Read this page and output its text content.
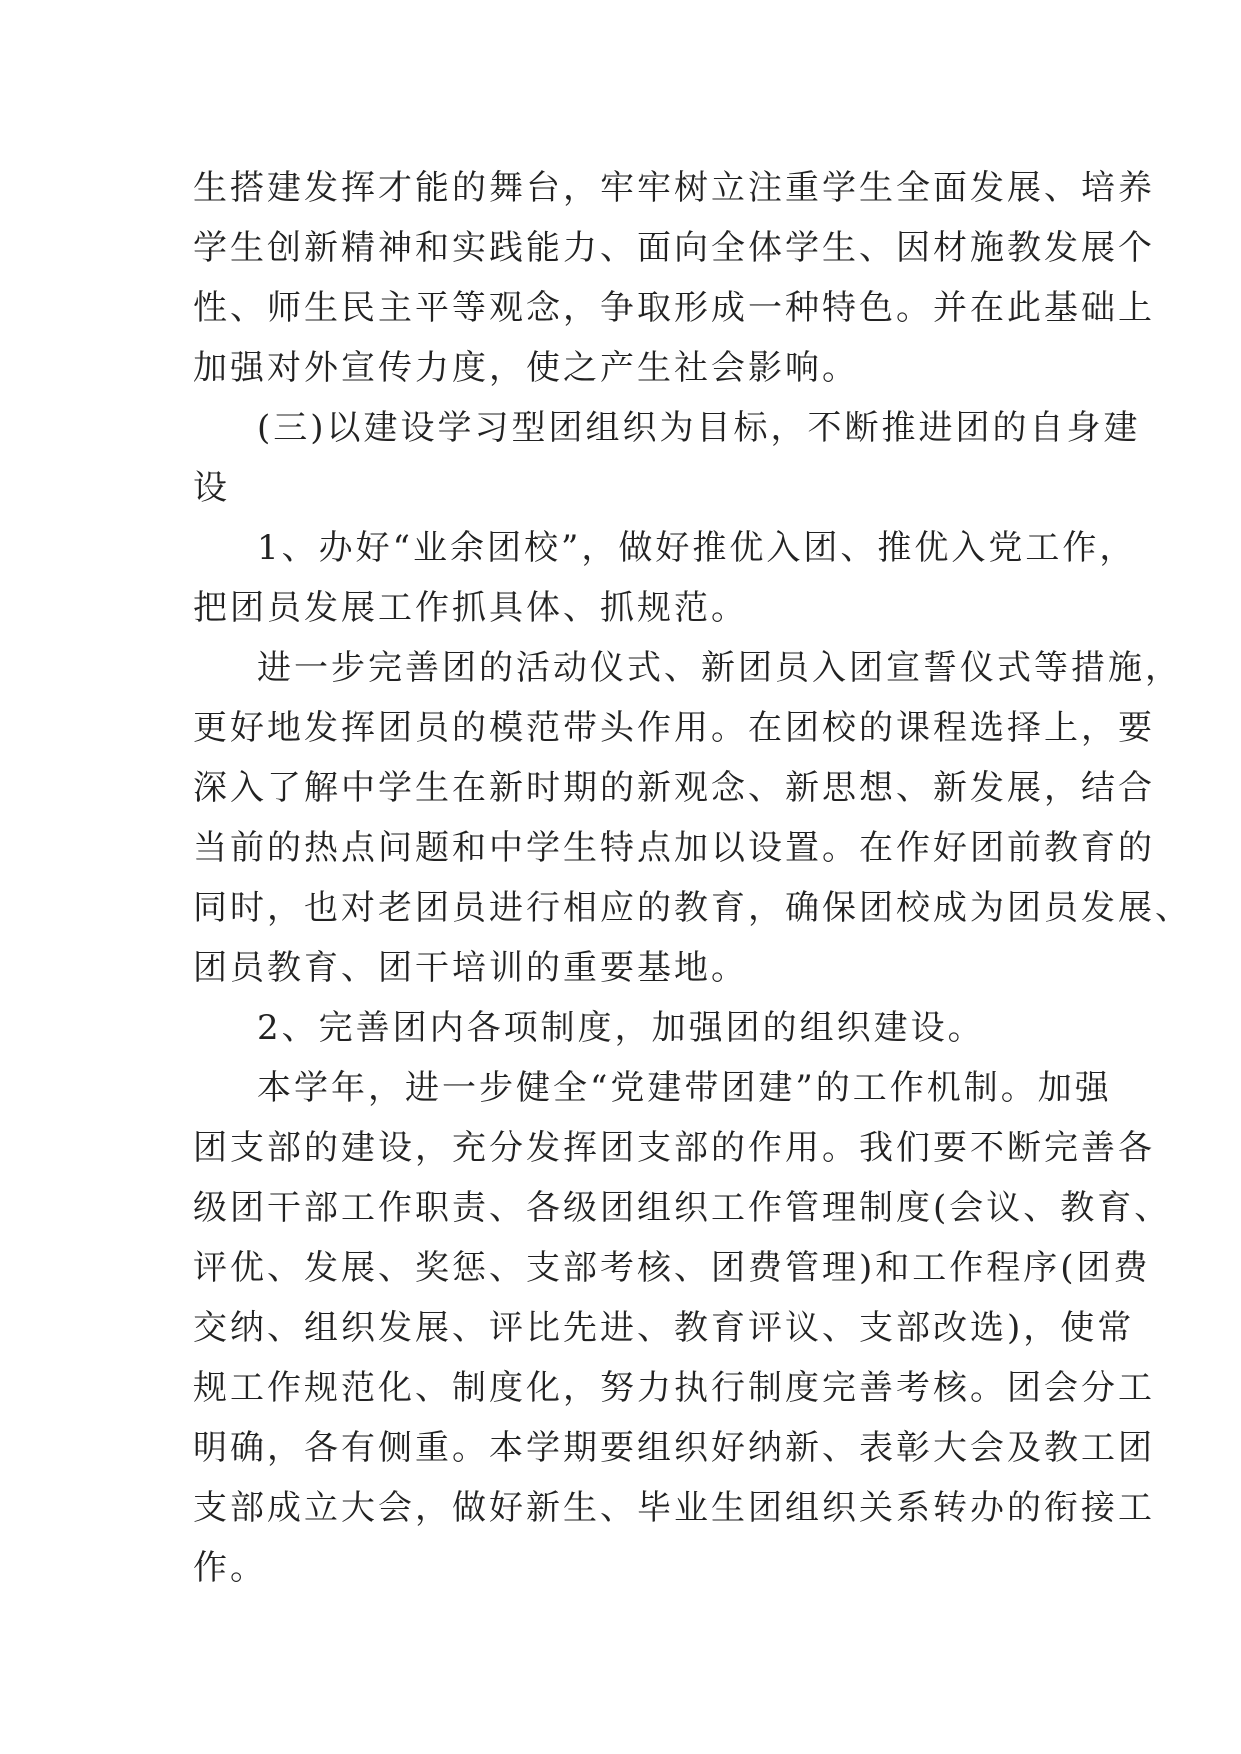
生搭建发挥才能的舞台，牢牢树立注重学生全面发展、培养
学生创新精神和实践能力、面向全体学生、因材施教发展个
性、师生民主平等观念，争取形成一种特色。并在此基础上
加强对外宣传力度，使之产生社会影响。
(三)以建设学习型团组织为目标，不断推进团的自身建
设
1、办好“业余团校”，做好推优入团、推优入党工作，
把团员发展工作抓具体、抓规范。
进一步完善团的活动仪式、新团员入团宣誓仪式等措施，
更好地发挥团员的模范带头作用。在团校的课程选择上，要
深入了解中学生在新时期的新观念、新思想、新发展，结合
当前的热点问题和中学生特点加以设置。在作好团前教育的
同时，也对老团员进行相应的教育，确保团校成为团员发展、
团员教育、团干培训的重要基地。
2、完善团内各项制度，加强团的组织建设。
本学年，进一步健全“党建带团建”的工作机制。加强
团支部的建设，充分发挥团支部的作用。我们要不断完善各
级团干部工作职责、各级团组织工作管理制度(会议、教育、
评优、发展、奖惩、支部考核、团费管理)和工作程序(团费
交纳、组织发展、评比先进、教育评议、支部改选)，使常
规工作规范化、制度化，努力执行制度完善考核。团会分工
明确，各有侧重。本学期要组织好纳新、表彰大会及教工团
支部成立大会，做好新生、毕业生团组织关系转办的衔接工
作。
